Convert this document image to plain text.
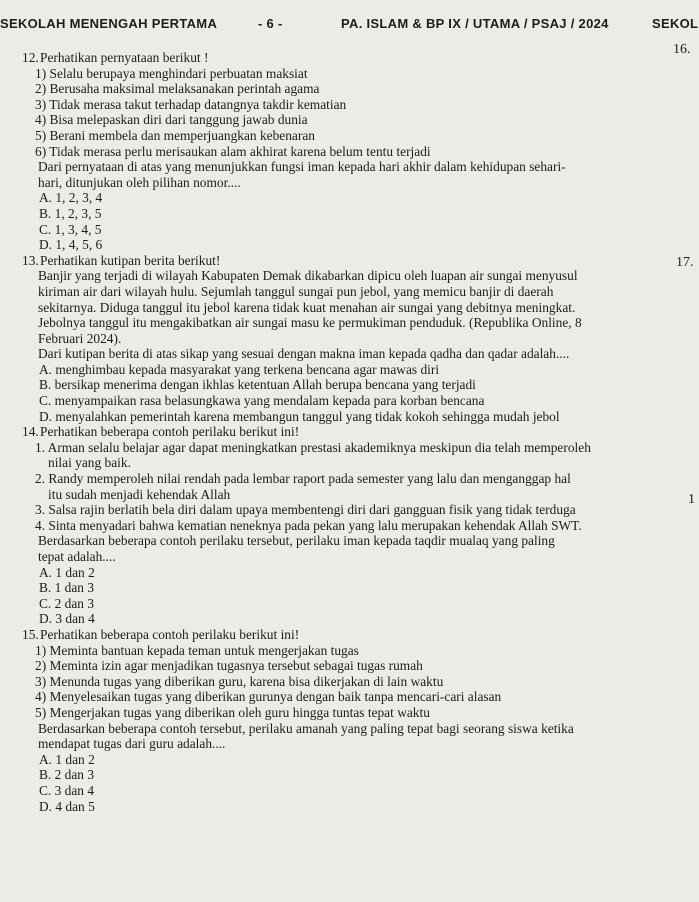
SEKOLAH MENENGAH PERTAMA	- 6 -	PA. ISLAM & BP IX / UTAMA / PSAJ / 2024	SEKOL
16.
17.
1
12.Perhatikan pernyataan berikut !
1) Selalu berupaya menghindari perbuatan maksiat
2) Berusaha maksimal melaksanakan perintah agama
3) Tidak merasa takut terhadap datangnya takdir kematian
4) Bisa melepaskan diri dari tanggung jawab dunia
5) Berani membela dan memperjuangkan kebenaran
6) Tidak merasa perlu merisaukan alam akhirat karena belum tentu terjadi
Dari pernyataan di atas yang menunjukkan fungsi iman kepada hari akhir dalam kehidupan sehari-
hari, ditunjukan oleh pilihan nomor....
A. 1, 2, 3, 4
B. 1, 2, 3, 5
C. 1, 3, 4, 5
D. 1, 4, 5, 6
13.Perhatikan kutipan berita berikut!
Banjir yang terjadi di wilayah Kabupaten Demak dikabarkan dipicu oleh luapan air sungai menyusul
kiriman air dari wilayah hulu. Sejumlah tanggul sungai pun jebol, yang memicu banjir di daerah
sekitarnya. Diduga tanggul itu jebol karena tidak kuat menahan air sungai yang debitnya meningkat.
Jebolnya tanggul itu mengakibatkan air sungai masu ke permukiman penduduk. (Republika Online, 8
Februari 2024).
Dari kutipan berita di atas sikap yang sesuai dengan makna iman kepada qadha dan qadar adalah....
A. menghimbau kepada masyarakat yang terkena bencana agar mawas diri
B. bersikap menerima dengan ikhlas ketentuan Allah berupa bencana yang terjadi
C. menyampaikan rasa belasungkawa yang mendalam kepada para korban bencana
D. menyalahkan pemerintah karena membangun tanggul yang tidak kokoh sehingga mudah jebol
14.Perhatikan beberapa contoh perilaku berikut ini!
1. Arman selalu belajar agar dapat meningkatkan prestasi akademiknya meskipun dia telah memperoleh
nilai yang baik.
2. Randy memperoleh nilai rendah pada lembar raport pada semester yang lalu dan menganggap hal
itu sudah menjadi kehendak Allah
3. Salsa rajin berlatih bela diri dalam upaya membentengi diri dari gangguan fisik yang tidak terduga
4. Sinta menyadari bahwa kematian neneknya pada pekan yang lalu merupakan kehendak Allah SWT.
Berdasarkan beberapa contoh perilaku tersebut, perilaku iman kepada taqdir mualaq yang paling
tepat adalah....
A. 1 dan 2
B. 1 dan 3
C. 2 dan 3
D. 3 dan 4
15.Perhatikan beberapa contoh perilaku berikut ini!
1) Meminta bantuan kepada teman untuk mengerjakan tugas
2) Meminta izin agar menjadikan tugasnya tersebut sebagai tugas rumah
3) Menunda tugas yang diberikan guru, karena bisa dikerjakan di lain waktu
4) Menyelesaikan tugas yang diberikan gurunya dengan baik tanpa mencari-cari alasan
5) Mengerjakan tugas yang diberikan oleh guru hingga tuntas tepat waktu
Berdasarkan beberapa contoh tersebut, perilaku amanah yang paling tepat bagi seorang siswa ketika
mendapat tugas dari guru adalah....
A. 1 dan 2
B. 2 dan 3
C. 3 dan 4
D. 4 dan 5
